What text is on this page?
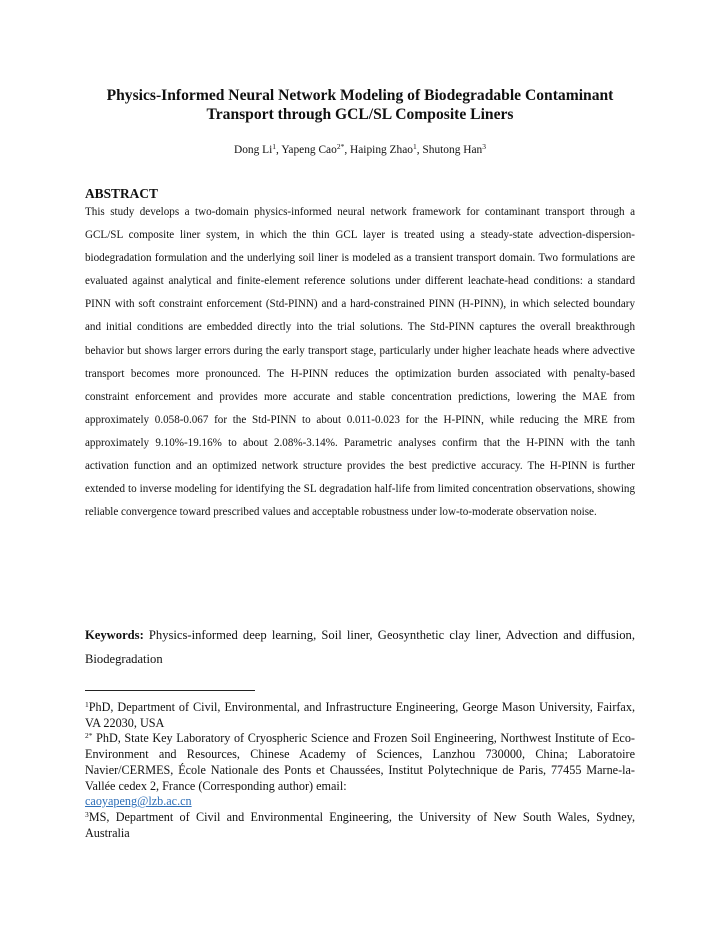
Physics-Informed Neural Network Modeling of Biodegradable Contaminant
Transport through GCL/SL Composite Liners

Dong Li$^1$, Yapeng Cao$^{2*}$, Haiping Zhao$^1$, Shutong Han$^3$

ABSTRACT

This study develops a two-domain physics-informed neural network framework for contaminant transport through a GCL/SL composite liner system, in which the thin GCL layer is treated using a steady-state advection-dispersion-biodegradation formulation and the underlying soil liner is modeled as a transient transport domain. Two formulations are evaluated against analytical and finite-element reference solutions under different leachate-head conditions: a standard PINN with soft constraint enforcement (Std-PINN) and a hard-constrained PINN (H-PINN), in which selected boundary and initial conditions are embedded directly into the trial solutions. The Std-PINN captures the overall breakthrough behavior but shows larger errors during the early transport stage, particularly under higher leachate heads where advective transport becomes more pronounced. The H-PINN reduces the optimization burden associated with penalty-based constraint enforcement and provides more accurate and stable concentration predictions, lowering the MAE from approximately 0.058-0.067 for the Std-PINN to about 0.011-0.023 for the H-PINN, while reducing the MRE from approximately 9.10%-19.16% to about 2.08%-3.14%. Parametric analyses confirm that the H-PINN with the tanh activation function and an optimized network structure provides the best predictive accuracy. The H-PINN is further extended to inverse modeling for identifying the SL degradation half-life from limited concentration observations, showing reliable convergence toward prescribed values and acceptable robustness under low-to-moderate observation noise.

Keywords: Physics-informed deep learning, Soil liner, Geosynthetic clay liner, Advection and diffusion, Biodegradation

$^1$PhD, Department of Civil, Environmental, and Infrastructure Engineering, George Mason University, Fairfax, VA 22030, USA

$^{2*}$ PhD, State Key Laboratory of Cryospheric Science and Frozen Soil Engineering, Northwest Institute of Eco-Environment and Resources, Chinese Academy of Sciences, Lanzhou 730000, China; Laboratoire Navier/CERMES, École Nationale des Ponts et Chaussées, Institut Polytechnique de Paris, 77455 Marne-la-Vallée cedex 2, France (Corresponding author) email:
caoyapeng@lzb.ac.cn

$^3$MS, Department of Civil and Environmental Engineering, the University of New South Wales, Sydney, Australia
